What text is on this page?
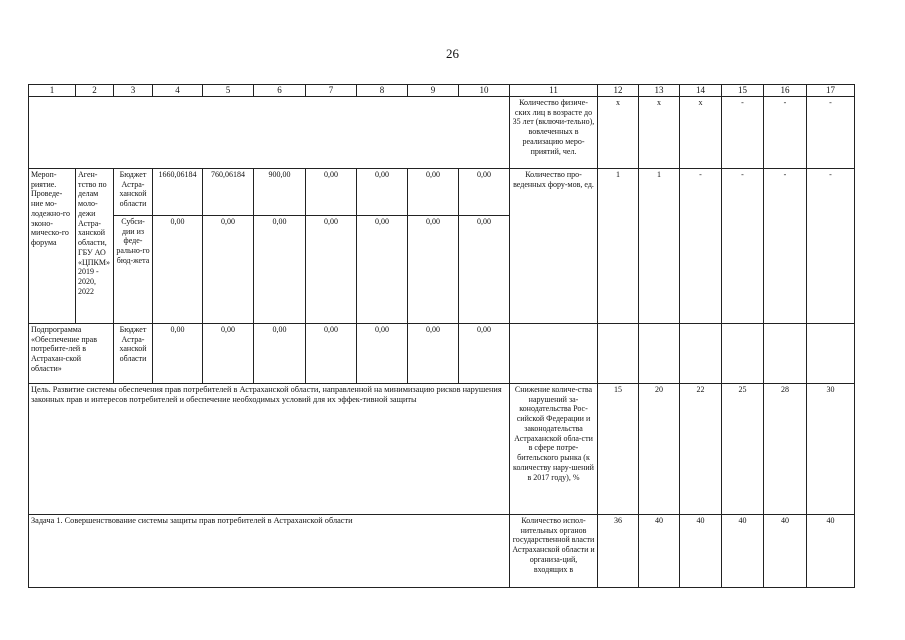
26
1	2	3	4	5	6	7	8	9	10	11	12	13	14	15	16	17
										Количество физиче-ских лиц в возрасте до 35 лет (включи-тельно), вовлеченных в реализацию меро-приятий, чел.	x	x	x	-	-	-
Мероп-риятие. Проведе-ние мо-лодежно-го эконо-мическо-го форума	Аген-тство по делам моло-дежи Астра-ханской области, ГБУ АО «ЦПКМ» 2019 - 2020, 2022	Бюджет Астра-ханской области	1660,06184	760,06184	900,00	0,00	0,00	0,00	0,00	Количество про-веденных фору-мов, ед.	1	1	-	-	-	-
		Субси-дии из феде-рально-го бюд-жета	0,00	0,00	0,00	0,00	0,00	0,00	0,00							
Подпрограмма «Обеспечение прав потребите-лей в Астрахан-ской области»		Бюджет Астра-ханской области	0,00	0,00	0,00	0,00	0,00	0,00	0,00							
Цель. Развитие системы обеспечения прав потребителей в Астраханской области, направленной на минимизацию рисков нарушения законных прав и интересов потребителей и обеспечение необходимых условий для их эффек-тивной защиты										Снижение количе-ства нарушений за-конодательства Рос-сийской Федерации и законодательства Астраханской обла-сти в сфере потре-бительского рынка (к количеству нару-шений в 2017 году), %	15	20	22	25	28	30
Задача 1. Совершенствование системы защиты прав потребителей в Астраханской области										Количество испол-нительных органов государственной власти Астраханской области и организа-ций, входящих в	36	40	40	40	40	40
